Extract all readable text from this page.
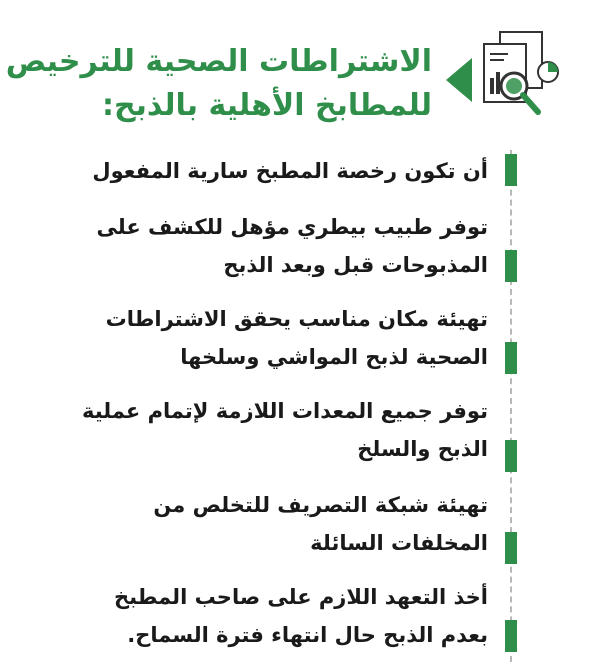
الاشتراطات الصحية للترخيص
للمطابخ الأهلية بالذبح:
أن تكون رخصة المطبخ سارية المفعول
توفر طبيب بيطري مؤهل للكشف على
المذبوحات قبل وبعد الذبح
تهيئة مكان مناسب يحقق الاشتراطات
الصحية لذبح المواشي وسلخها
توفر جميع المعدات اللازمة لإتمام عملية
الذبح والسلخ
تهيئة شبكة التصريف للتخلص من
المخلفات السائلة
أخذ التعهد اللازم على صاحب المطبخ
بعدم الذبح حال انتهاء فترة السماح.
